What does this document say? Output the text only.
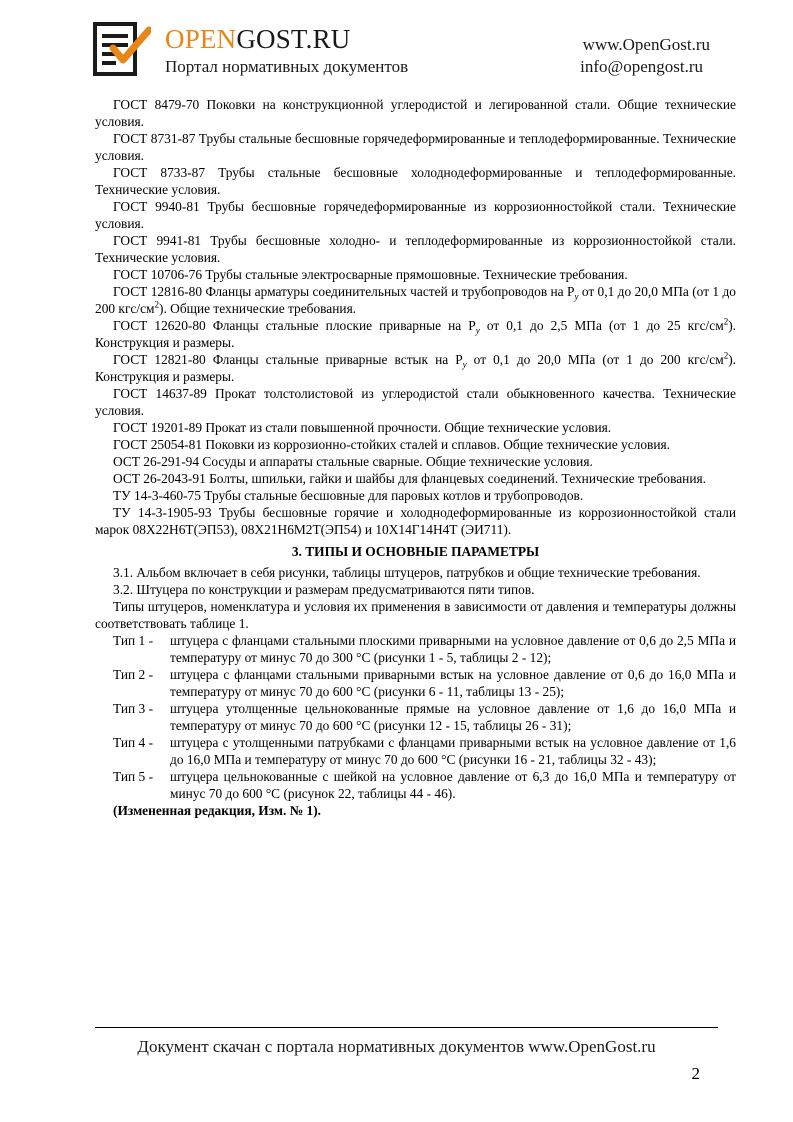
OPENGOST.RU
Портал нормативных документов
www.OpenGost.ru
info@opengost.ru

ГОСТ 8479-70 Поковки на конструкционной углеродистой и легированной стали. Общие технические условия.

ГОСТ 8731-87 Трубы стальные бесшовные горячедеформированные и теплодеформированные. Технические условия.

ГОСТ 8733-87 Трубы стальные бесшовные холоднодеформированные и теплодеформированные. Технические условия.

ГОСТ 9940-81 Трубы бесшовные горячедеформированные из коррозионностойкой стали. Технические условия.

ГОСТ 9941-81 Трубы бесшовные холодно- и теплодеформированные из коррозионностойкой стали. Технические условия.

ГОСТ 10706-76 Трубы стальные электросварные прямошовные. Технические требования.

ГОСТ 12816-80 Фланцы арматуры соединительных частей и трубопроводов на $P_y$ от 0,1 до 20,0 МПа (от 1 до 200 кгс/$см^2$). Общие технические требования.

ГОСТ 12620-80 Фланцы стальные плоские приварные на $P_y$ от 0,1 до 2,5 МПа (от 1 до 25 кгс/$см^2$). Конструкция и размеры.

ГОСТ 12821-80 Фланцы стальные приварные встык на $P_y$ от 0,1 до 20,0 МПа (от 1 до 200 кгс/$см^2$). Конструкция и размеры.

ГОСТ 14637-89 Прокат толстолистовой из углеродистой стали обыкновенного качества. Технические условия.

ГОСТ 19201-89 Прокат из стали повышенной прочности. Общие технические условия.

ГОСТ 25054-81 Поковки из коррозионно-стойких сталей и сплавов. Общие технические условия.

ОСТ 26-291-94 Сосуды и аппараты стальные сварные. Общие технические условия.

ОСТ 26-2043-91 Болты, шпильки, гайки и шайбы для фланцевых соединений. Технические требования.

ТУ 14-3-460-75 Трубы стальные бесшовные для паровых котлов и трубопроводов.

ТУ 14-3-1905-93 Трубы бесшовные горячие и холоднодеформированные из коррозионностойкой стали марок 08Х22Н6Т(ЭП53), 08Х21Н6М2Т(ЭП54) и 10Х14Г14Н4Т (ЭИ711).

3. ТИПЫ И ОСНОВНЫЕ ПАРАМЕТРЫ

3.1. Альбом включает в себя рисунки, таблицы штуцеров, патрубков и общие технические требования.

3.2. Штуцера по конструкции и размерам предусматриваются пяти типов.

Типы штуцеров, номенклатура и условия их применения в зависимости от давления и температуры должны соответствовать таблице 1.

Тип 1 -	штуцера с фланцами стальными плоскими приварными на условное давление от 0,6 до 2,5 МПа и температуру от минус 70 до 300 °С (рисунки 1 - 5, таблицы 2 - 12);
Тип 2 -	штуцера с фланцами стальными приварными встык на условное давление от 0,6 до 16,0 МПа и температуру от минус 70 до 600 °С (рисунки 6 - 11, таблицы 13 - 25);
Тип 3 -	штуцера утолщенные цельнокованные прямые на условное давление от 1,6 до 16,0 МПа и температуру от минус 70 до 600 °С (рисунки 12 - 15, таблицы 26 - 31);
Тип 4 -	штуцера с утолщенными патрубками с фланцами приварными встык на условное давление от 1,6 до 16,0 МПа и температуру от минус 70 до 600 °С (рисунки 16 - 21, таблицы 32 - 43);
Тип 5 -	штуцера цельнокованные с шейкой на условное давление от 6,3 до 16,0 МПа и температуру от минус 70 до 600 °С (рисунок 22, таблицы 44 - 46).

(Измененная редакция, Изм. № 1).

Документ скачан с портала нормативных документов www.OpenGost.ru
2
